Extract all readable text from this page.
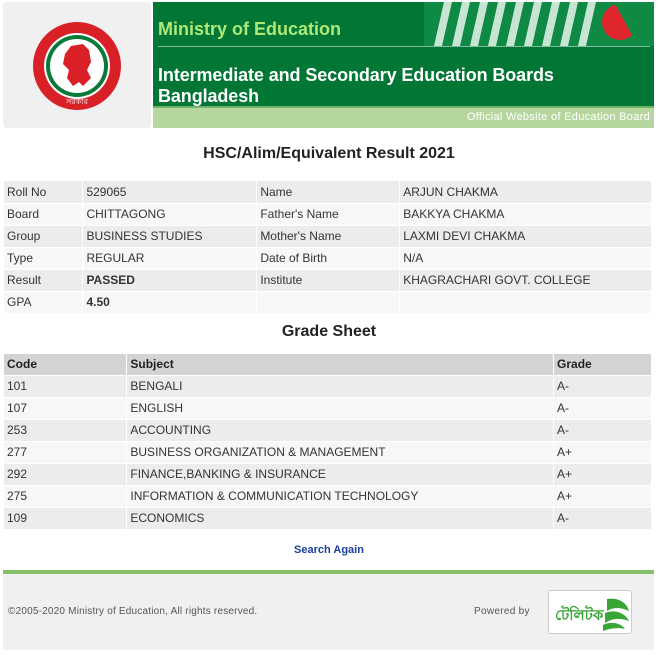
সরকার
Ministry of Education
Intermediate and Secondary Education Boards Bangladesh
Official Website of Education Board
HSC/Alim/Equivalent Result 2021
Roll No	529065	Name	ARJUN CHAKMA
Board	CHITTAGONG	Father's Name	BAKKYA CHAKMA
Group	BUSINESS STUDIES	Mother's Name	LAXMI DEVI CHAKMA
Type	REGULAR	Date of Birth	N/A
Result	PASSED	Institute	KHAGRACHARI GOVT. COLLEGE
GPA	4.50		
Grade Sheet
Code	Subject	Grade
101	BENGALI	A-
107	ENGLISH	A-
253	ACCOUNTING	A-
277	BUSINESS ORGANIZATION & MANAGEMENT	A+
292	FINANCE,BANKING & INSURANCE	A+
275	INFORMATION & COMMUNICATION TECHNOLOGY	A+
109	ECONOMICS	A-
Search Again
©2005-2020 Ministry of Education, All rights reserved.	Powered by টেলিটক
